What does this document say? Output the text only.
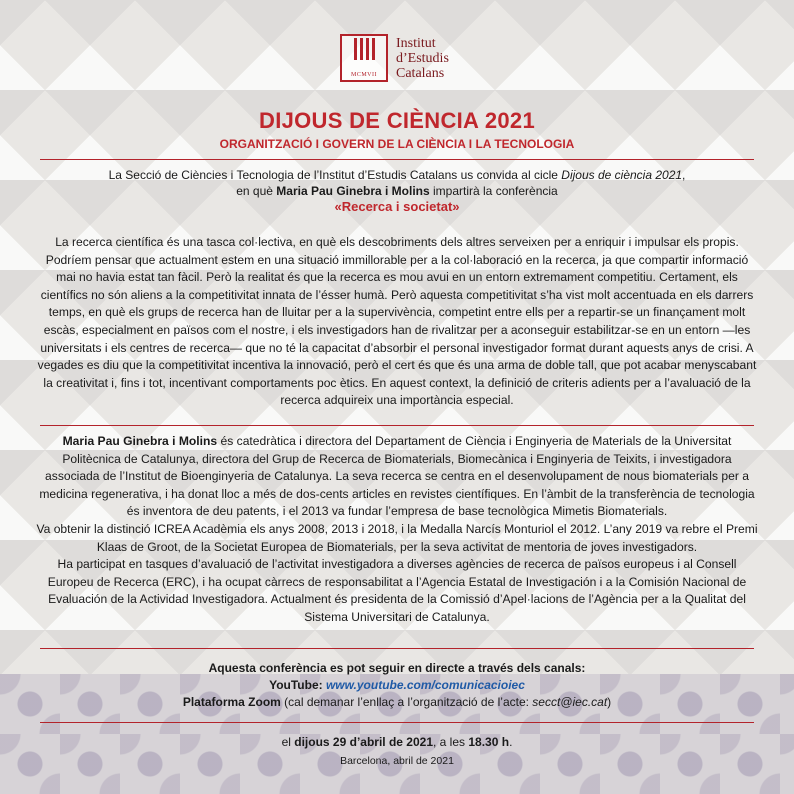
MCMVII
Institut
d’Estudis
Catalans
DIJOUS DE CIÈNCIA 2021
ORGANITZACIÓ I GOVERN DE LA CIÈNCIA I LA TECNOLOGIA
La Secció de Ciències i Tecnologia de l’Institut d’Estudis Catalans us convida al cicle Dijous de ciència 2021,
en què Maria Pau Ginebra i Molins impartirà la conferència
«Recerca i societat»
La recerca científica és una tasca col·lectiva, en què els descobriments dels altres serveixen per a enriquir i impulsar els propis. Podríem pensar que actualment estem en una situació immillorable per a la col·laboració en la recerca, ja que compartir informació mai no havia estat tan fàcil. Però la realitat és que la recerca es mou avui en un entorn extremament competitiu. Certament, els científics no són aliens a la competitivitat innata de l’ésser humà. Però aquesta competitivitat s’ha vist molt accentuada en els darrers temps, en què els grups de recerca han de lluitar per a la supervivència, competint entre ells per a repartir-se un finançament molt escàs, especialment en països com el nostre, i els investigadors han de rivalitzar per a aconseguir estabilitzar-se en un entorn —les universitats i els centres de recerca— que no té la capacitat d’absorbir el personal investigador format durant aquests anys de crisi. A vegades es diu que la competitivitat incentiva la innovació, però el cert és que és una arma de doble tall, que pot acabar menyscabant la creativitat i, fins i tot, incentivant comportaments poc ètics. En aquest context, la definició de criteris adients per a l’avaluació de la recerca adquireix una importància especial.
Maria Pau Ginebra i Molins és catedràtica i directora del Departament de Ciència i Enginyeria de Materials de la Universitat Politècnica de Catalunya, directora del Grup de Recerca de Biomaterials, Biomecànica i Enginyeria de Teixits, i investigadora associada de l’Institut de Bioenginyeria de Catalunya. La seva recerca se centra en el desenvolupament de nous biomaterials per a medicina regenerativa, i ha donat lloc a més de dos-cents articles en revistes científiques. En l’àmbit de la transferència de tecnologia és inventora de deu patents, i el 2013 va fundar l’empresa de base tecnològica Mimetis Biomaterials.
Va obtenir la distinció ICREA Acadèmia els anys 2008, 2013 i 2018, i la Medalla Narcís Monturiol el 2012. L’any 2019 va rebre el Premi Klaas de Groot, de la Societat Europea de Biomaterials, per la seva activitat de mentoria de joves investigadors.
Ha participat en tasques d’avaluació de l’activitat investigadora a diverses agències de recerca de països europeus i al Consell Europeu de Recerca (ERC), i ha ocupat càrrecs de responsabilitat a l’Agencia Estatal de Investigación i a la Comisión Nacional de Evaluación de la Actividad Investigadora. Actualment és presidenta de la Comissió d’Apel·lacions de l’Agència per a la Qualitat del Sistema Universitari de Catalunya.
Aquesta conferència es pot seguir en directe a través dels canals:
YouTube: www.youtube.com/comunicacioiec
Plataforma Zoom (cal demanar l’enllaç a l’organització de l’acte: secct@iec.cat)
el dijous 29 d’abril de 2021, a les 18.30 h.
Barcelona, abril de 2021
